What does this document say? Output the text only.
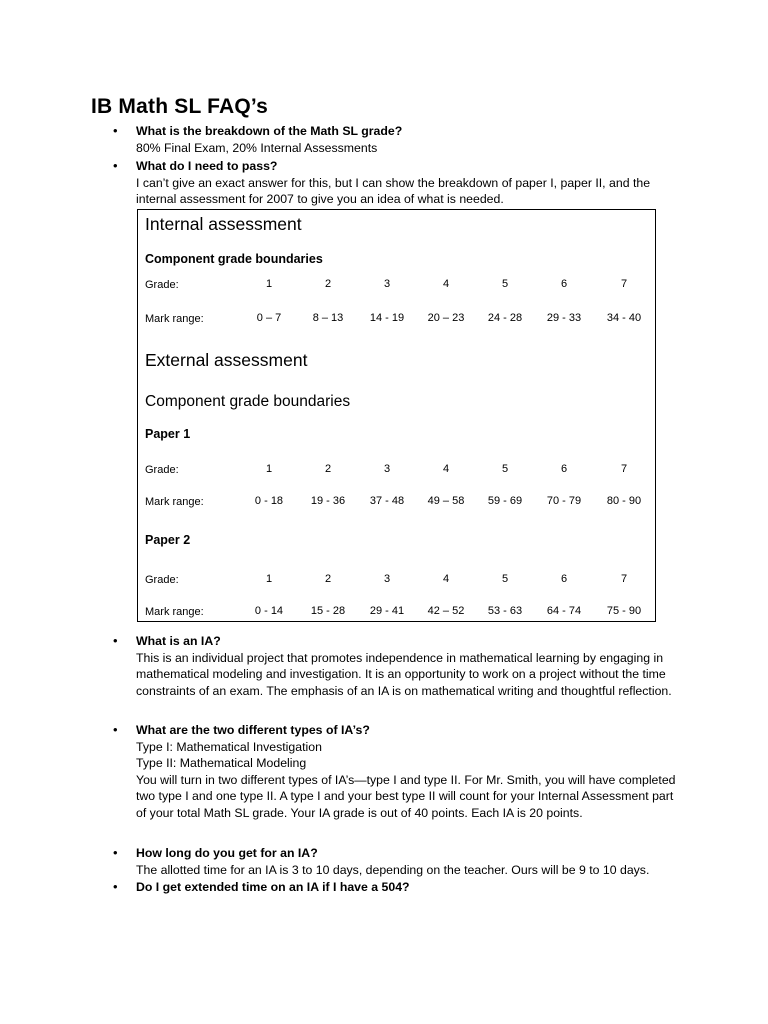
IB Math SL FAQ’s
• What is the breakdown of the Math SL grade?

80% Final Exam, 20% Internal Assessments

• What do I need to pass?

I can’t give an exact answer for this, but I can show the breakdown of paper I, paper II, and the internal assessment for 2007 to give you an idea of what is needed.

Internal assessment
Component grade boundaries
Grade:	1	2	3	4	5	6	7
Mark range:	0 – 7	8 – 13	14 - 19	20 – 23	24 - 28	29 - 33	34 - 40
External assessment
Component grade boundaries
Paper 1
Grade:	1	2	3	4	5	6	7
Mark range:	0 - 18	19 - 36	37 - 48	49 – 58	59 - 69	70 - 79	80 - 90
Paper 2
Grade:	1	2	3	4	5	6	7
Mark range:	0 - 14	15 - 28	29 - 41	42 – 52	53 - 63	64 - 74	75 - 90
• What is an IA?

This is an individual project that promotes independence in mathematical learning by engaging in mathematical modeling and investigation. It is an opportunity to work on a project without the time constraints of an exam. The emphasis of an IA is on mathematical writing and thoughtful reflection.

• What are the two different types of IA’s?

Type I: Mathematical Investigation

Type II: Mathematical Modeling

You will turn in two different types of IA’s—type I and type II. For Mr. Smith, you will have completed two type I and one type II. A type I and your best type II will count for your Internal Assessment part of your total Math SL grade. Your IA grade is out of 40 points. Each IA is 20 points.

• How long do you get for an IA?

The allotted time for an IA is 3 to 10 days, depending on the teacher. Ours will be 9 to 10 days.

• Do I get extended time on an IA if I have a 504?
